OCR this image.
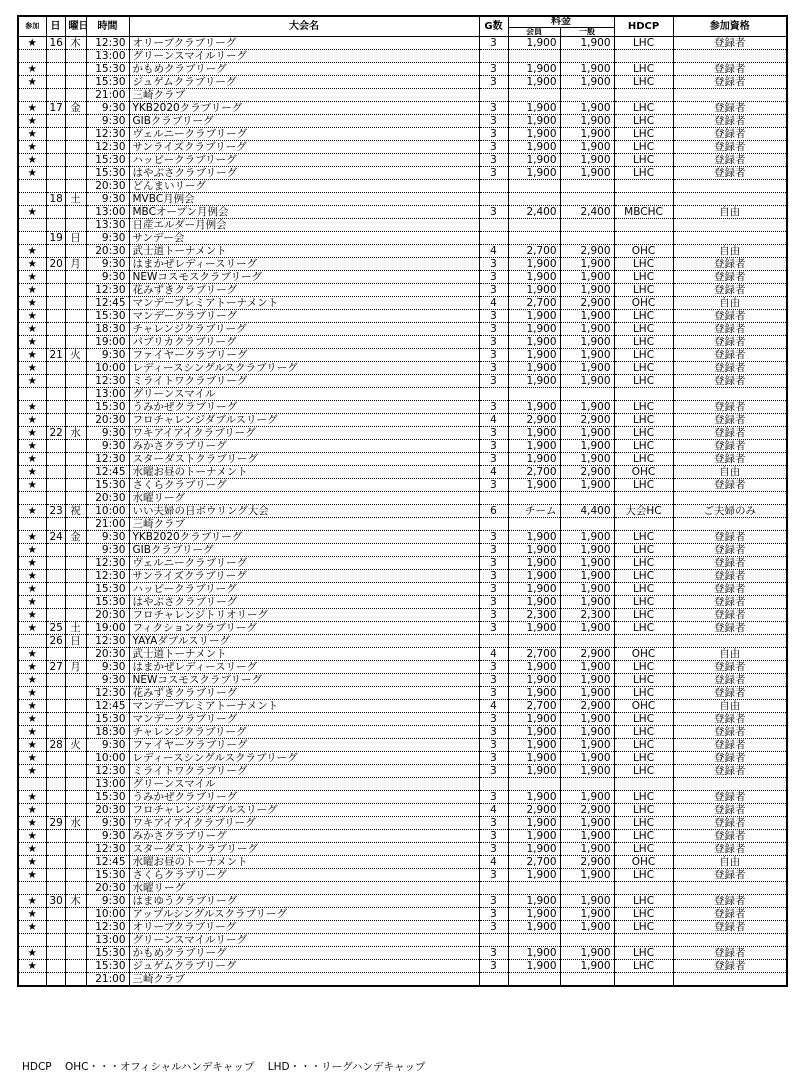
参加	日	曜日	時間	大会名	G数	料金		HDCP	参加資格
						会員	一般		
★	16	木	12:30	オリーブクラブリーグ	3	1,900	1,900	LHC	登録者
			13:00	グリーンスマイルリーグ					
★			15:30	かもめクラブリーグ	3	1,900	1,900	LHC	登録者
★			15:30	ジュゲムクラブリーグ	3	1,900	1,900	LHC	登録者
			21:00	三崎クラブ					
★	17	金	9:30	YKB2020クラブリーグ	3	1,900	1,900	LHC	登録者
★			9:30	GIBクラブリーグ	3	1,900	1,900	LHC	登録者
★			12:30	ヴェルニークラブリーグ	3	1,900	1,900	LHC	登録者
★			12:30	サンライズクラブリーグ	3	1,900	1,900	LHC	登録者
★			15:30	ハッピークラブリーグ	3	1,900	1,900	LHC	登録者
★			15:30	はやぶさクラブリーグ	3	1,900	1,900	LHC	登録者
			20:30	どんまいリーグ					
	18	土	9:30	MVBC月例会					
★			13:00	MBCオープン月例会	3	2,400	2,400	MBCHC	自由
			13:30	日産エルダー月例会					
	19	日	9:30	サンデー会					
★			20:30	武士道トーナメント	4	2,700	2,900	OHC	自由
★	20	月	9:30	はまかぜレディースリーグ	3	1,900	1,900	LHC	登録者
★			9:30	NEWコスモスクラブリーグ	3	1,900	1,900	LHC	登録者
★			12:30	花みずきクラブリーグ	3	1,900	1,900	LHC	登録者
★			12:45	マンデープレミアトーナメント	4	2,700	2,900	OHC	自由
★			15:30	マンデークラブリーグ	3	1,900	1,900	LHC	登録者
★			18:30	チャレンジクラブリーグ	3	1,900	1,900	LHC	登録者
★			19:00	パブリカクラブリーグ	3	1,900	1,900	LHC	登録者
★	21	火	9:30	ファイヤークラブリーグ	3	1,900	1,900	LHC	登録者
★			10:00	レディースシングルスクラブリーグ	3	1,900	1,900	LHC	登録者
★			12:30	ミライトワクラブリーグ	3	1,900	1,900	LHC	登録者
			13:00	グリーンスマイル					
★			15:30	うみかぜクラブリーグ	3	1,900	1,900	LHC	登録者
★			20:30	フロチャレンジダブルスリーグ	4	2,900	2,900	LHC	登録者
★	22	水	9:30	ワキアイアイクラブリーグ	3	1,900	1,900	LHC	登録者
★			9:30	みかさクラブリーグ	3	1,900	1,900	LHC	登録者
★			12:30	スターダストクラブリーグ	3	1,900	1,900	LHC	登録者
★			12:45	水曜お昼のトーナメント	4	2,700	2,900	OHC	自由
★			15:30	さくらクラブリーグ	3	1,900	1,900	LHC	登録者
			20:30	水曜リーグ					
★	23	祝	10:00	いい夫婦の日ボウリング大会	6	チーム	4,400	大会HC	ご夫婦のみ
			21:00	三崎クラブ					
★	24	金	9:30	YKB2020クラブリーグ	3	1,900	1,900	LHC	登録者
★			9:30	GIBクラブリーグ	3	1,900	1,900	LHC	登録者
★			12:30	ヴェルニークラブリーグ	3	1,900	1,900	LHC	登録者
★			12:30	サンライズクラブリーグ	3	1,900	1,900	LHC	登録者
★			15:30	ハッピークラブリーグ	3	1,900	1,900	LHC	登録者
★			15:30	はやぶさクラブリーグ	3	1,900	1,900	LHC	登録者
★			20:30	フロチャレンジトリオリーグ	3	2,300	2,300	LHC	登録者
★	25	土	19:00	フィクションクラブリーグ	3	1,900	1,900	LHC	登録者
	26	日	12:30	YAYAダブルスリーグ					
★			20:30	武士道トーナメント	4	2,700	2,900	OHC	自由
★	27	月	9:30	はまかぜレディースリーグ	3	1,900	1,900	LHC	登録者
★			9:30	NEWコスモスクラブリーグ	3	1,900	1,900	LHC	登録者
★			12:30	花みずきクラブリーグ	3	1,900	1,900	LHC	登録者
★			12:45	マンデープレミアトーナメント	4	2,700	2,900	OHC	自由
★			15:30	マンデークラブリーグ	3	1,900	1,900	LHC	登録者
★			18:30	チャレンジクラブリーグ	3	1,900	1,900	LHC	登録者
★	28	火	9:30	ファイヤークラブリーグ	3	1,900	1,900	LHC	登録者
★			10:00	レディースシングルスクラブリーグ	3	1,900	1,900	LHC	登録者
★			12:30	ミライトワクラブリーグ	3	1,900	1,900	LHC	登録者
			13:00	グリーンスマイル					
★			15:30	うみかぜクラブリーグ	3	1,900	1,900	LHC	登録者
★			20:30	フロチャレンジダブルスリーグ	4	2,900	2,900	LHC	登録者
★	29	水	9:30	ワキアイアイクラブリーグ	3	1,900	1,900	LHC	登録者
★			9:30	みかさクラブリーグ	3	1,900	1,900	LHC	登録者
★			12:30	スターダストクラブリーグ	3	1,900	1,900	LHC	登録者
★			12:45	水曜お昼のトーナメント	4	2,700	2,900	OHC	自由
★			15:30	さくらクラブリーグ	3	1,900	1,900	LHC	登録者
			20:30	水曜リーグ					
★	30	木	9:30	はまゆうクラブリーグ	3	1,900	1,900	LHC	登録者
★			10:00	アップルシングルスクラブリーグ	3	1,900	1,900	LHC	登録者
★			12:30	オリーブクラブリーグ	3	1,900	1,900	LHC	登録者
			13:00	グリーンスマイルリーグ					
★			15:30	かもめクラブリーグ	3	1,900	1,900	LHC	登録者
★			15:30	ジュゲムクラブリーグ	3	1,900	1,900	LHC	登録者
			21:00	三崎クラブ					
HDCP OHC・・・オフィシャルハンデキャップ LHD・・・リーグハンデキャップ
